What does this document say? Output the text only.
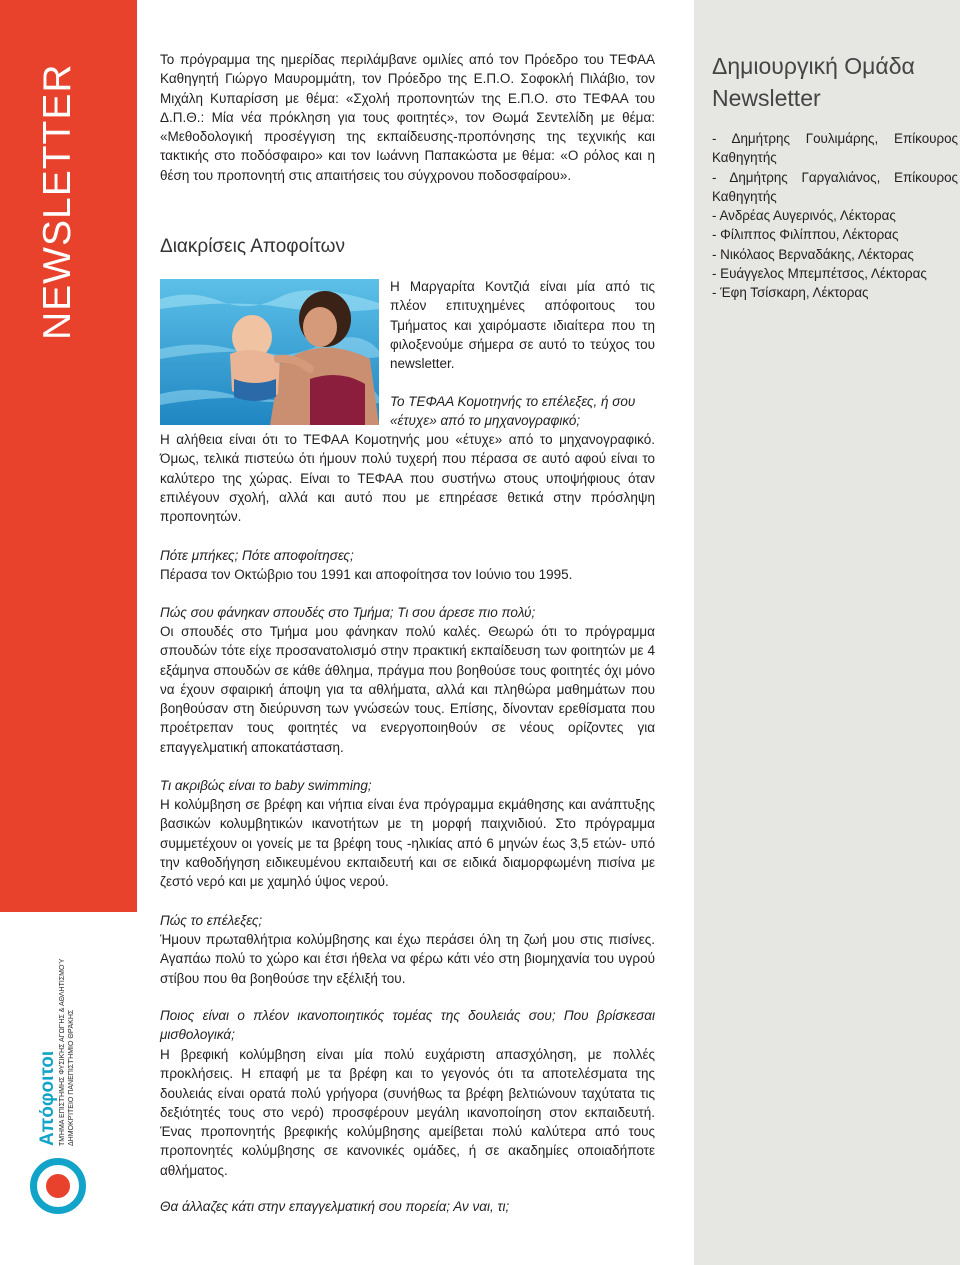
NEWSLETTER
Απόφοιτοι ΤΜΉΜΑ ΕΠΙΣΤΉΜΗΣ ΦΥΣΙΚΉΣ ΑΓΩΓΉΣ & ΑΘΛΗΤΙΣΜΟΎ ΔΗΜΟΚΡΊΤΕΙΟ ΠΑΝΕΠΙΣΤΉΜΙΟ ΘΡΆΚΗΣ
Δημιουργική Ομάδα
Newsletter
- Δημήτρης Γουλιμάρης, Επίκουρος Καθηγητής
- Δημήτρης Γαργαλιάνος, Επίκουρος Καθηγητής
- Ανδρέας Αυγερινός, Λέκτορας
- Φίλιππος Φιλίππου, Λέκτορας
- Νικόλαος Βερναδάκης, Λέκτορας
- Ευάγγελος Μπεμπέτσος, Λέκτορας
- Έφη Τσίσκαρη, Λέκτορας
Το πρόγραμμα της ημερίδας περιλάμβανε ομιλίες από τον Πρόεδρο του ΤΕΦΑΑ Καθηγητή Γιώργο Μαυρομμάτη, τον Πρόεδρο της Ε.Π.Ο. Σοφοκλή Πιλάβιο, τον Μιχάλη Κυπαρίσση με θέμα: «Σχολή προπονητών της Ε.Π.Ο. στο ΤΕΦΑΑ του Δ.Π.Θ.: Μία νέα πρόκληση για τους φοιτητές», τον Θωμά Σεντελίδη με θέμα: «Μεθοδολογική προσέγγιση της εκπαίδευσης-προπόνησης της τεχνικής και τακτικής στο ποδόσφαιρο» και τον Ιωάννη Παπακώστα με θέμα: «Ο ρόλος και η θέση του προπονητή στις απαιτήσεις του σύγχρονου ποδοσφαίρου».
Διακρίσεις Αποφοίτων
Η Μαργαρίτα Κοντζιά είναι μία από τις πλέον επιτυχημένες απόφοιτους του Τμήματος και χαιρόμαστε ιδιαίτερα που τη φιλοξενούμε σήμερα σε αυτό το τεύχος του newsletter.
Το ΤΕΦΑΑ Κομοτηνής το επέλεξες, ή σου «έτυχε» από το μηχανογραφικό;
Η αλήθεια είναι ότι το ΤΕΦΑΑ Κομοτηνής μου «έτυχε» από το μηχανογραφικό. Όμως, τελικά πιστεύω ότι ήμουν πολύ τυχερή που πέρασα σε αυτό αφού είναι το καλύτερο της χώρας. Είναι το ΤΕΦΑΑ που συστήνω στους υποψήφιους όταν επιλέγουν σχολή, αλλά και αυτό που με επηρέασε θετικά στην πρόσληψη προπονητών.
Πότε μπήκες; Πότε αποφοίτησες;
Πέρασα τον Οκτώβριο του 1991 και αποφοίτησα τον Ιούνιο του 1995.
Πώς σου φάνηκαν σπουδές στο Τμήμα; Τι σου άρεσε πιο πολύ;
Οι σπουδές στο Τμήμα μου φάνηκαν πολύ καλές. Θεωρώ ότι το πρόγραμμα σπουδών τότε είχε προσανατολισμό στην πρακτική εκπαίδευση των φοιτητών με 4 εξάμηνα σπουδών σε κάθε άθλημα, πράγμα που βοηθούσε τους φοιτητές όχι μόνο να έχουν σφαιρική άποψη για τα αθλήματα, αλλά και πληθώρα μαθημάτων που βοηθούσαν στη διεύρυνση των γνώσεών τους. Επίσης, δίνονταν ερεθίσματα που προέτρεπαν τους φοιτητές να ενεργοποιηθούν σε νέους ορίζοντες για επαγγελματική αποκατάσταση.
Τι ακριβώς είναι το baby swimming;
Η κολύμβηση σε βρέφη και νήπια είναι ένα πρόγραμμα εκμάθησης και ανάπτυξης βασικών κολυμβητικών ικανοτήτων με τη μορφή παιχνιδιού. Στο πρόγραμμα συμμετέχουν οι γονείς με τα βρέφη τους -ηλικίας από 6 μηνών έως 3,5 ετών- υπό την καθοδήγηση ειδικευμένου εκπαιδευτή και σε ειδικά διαμορφωμένη πισίνα με ζεστό νερό και με χαμηλό ύψος νερού.
Πώς το επέλεξες;
Ήμουν πρωταθλήτρια κολύμβησης και έχω περάσει όλη τη ζωή μου στις πισίνες. Αγαπάω πολύ το χώρο και έτσι ήθελα να φέρω κάτι νέο στη βιομηχανία του υγρού στίβου που θα βοηθούσε την εξέλιξή του.
Ποιος είναι ο πλέον ικανοποιητικός τομέας της δουλειάς σου; Που βρίσκεσαι μισθολογικά;
Η βρεφική κολύμβηση είναι μία πολύ ευχάριστη απασχόληση, με πολλές προκλήσεις. Η επαφή με τα βρέφη και το γεγονός ότι τα αποτελέσματα της δουλειάς είναι ορατά πολύ γρήγορα (συνήθως τα βρέφη βελτιώνουν ταχύτατα τις δεξιότητές τους στο νερό) προσφέρουν μεγάλη ικανοποίηση στον εκπαιδευτή. Ένας προπονητής βρεφικής κολύμβησης αμείβεται πολύ καλύτερα από τους προπονητές κολύμβησης σε κανονικές ομάδες, ή σε ακαδημίες οποιαδήποτε αθλήματος.
Θα άλλαζες κάτι στην επαγγελματική σου πορεία; Αν ναι, τι;
